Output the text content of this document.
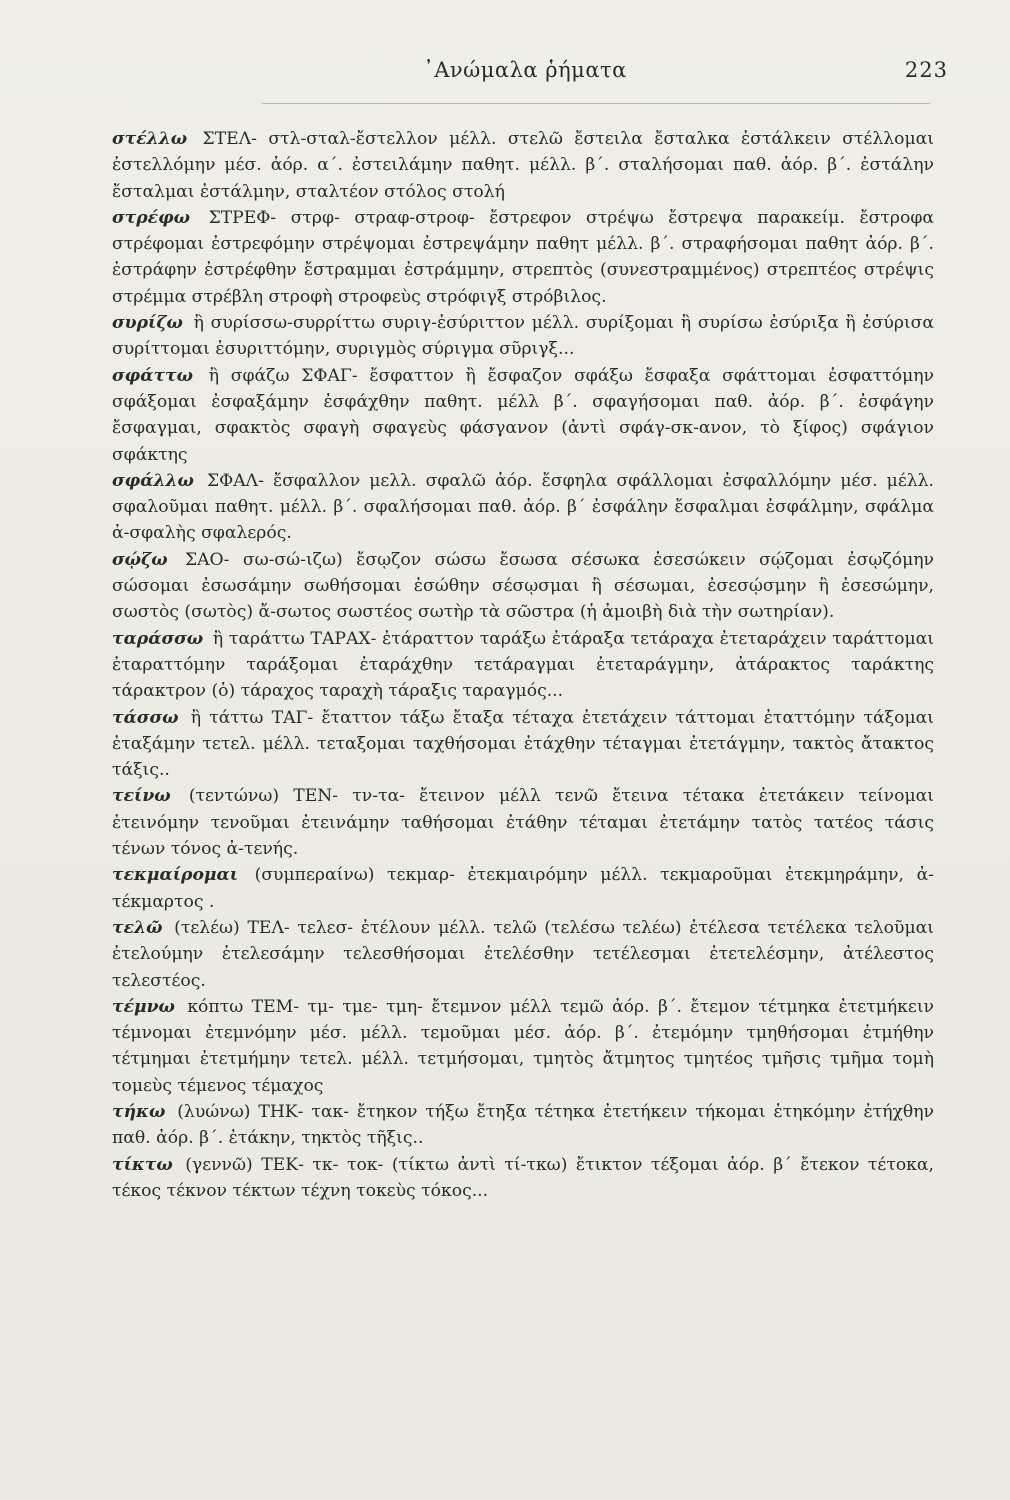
᾿Ανώμαλα ῥήματα	223

στέλλω ΣΤΕΛ- στλ-σταλ-ἔστελλον μέλλ. στελῶ ἔστειλα ἔσταλκα ἐστάλκειν στέλλομαι ἐστελλόμην μέσ. ἀόρ. α΄. ἐστειλάμην παθητ. μέλλ. β΄. σταλήσομαι παθ. ἀόρ. β΄. ἐστάλην ἔσταλμαι ἐστάλμην, σταλτέον στόλος στολή

στρέφω ΣΤΡΕΦ- στρφ- στραφ-στροφ- ἔστρεφον στρέψω ἔστρεψα παρακείμ. ἔστροφα στρέφομαι ἐστρεφόμην στρέψομαι ἐστρεψάμην παθητ μέλλ. β΄. στραφήσομαι παθητ ἀόρ. β΄. ἐστράφην ἐστρέφθην ἔστραμμαι ἐστράμμην, στρεπτὸς (συνεστραμμένος) στρεπτέος στρέψις στρέμμα στρέβλη στροφὴ στροφεὺς στρόφιγξ στρόβιλος.

συρίζω ἢ συρίσσω-συρρίττω συριγ-ἐσύριττον μέλλ. συρίξομαι ἢ συρίσω ἐσύριξα ἢ ἐσύρισα συρίττομαι ἐσυριττόμην, συριγμὸς σύριγμα σῦριγξ...

σφάττω ἢ σφάζω ΣΦΑΓ- ἔσφαττον ἢ ἔσφαζον σφάξω ἔσφαξα σφάττομαι ἐσφαττόμην σφάξομαι ἐσφαξάμην ἐσφάχθην παθητ. μέλλ β΄. σφαγήσομαι παθ. ἀόρ. β΄. ἐσφάγην ἔσφαγμαι, σφακτὸς σφαγὴ σφαγεὺς φάσγανον (ἀντὶ σφάγ-σκ-ανον, τὸ ξίφος) σφάγιον σφάκτης

σφάλλω ΣΦΑΛ- ἔσφαλλον μελλ. σφαλῶ ἀόρ. ἔσφηλα σφάλλομαι ἐσφαλλόμην μέσ. μέλλ. σφαλοῦμαι παθητ. μέλλ. β΄. σφαλήσομαι παθ. ἀόρ. β΄ ἐσφάλην ἔσφαλμαι ἐσφάλμην, σφάλμα ἀ-σφαλὴς σφαλερός.

σῴζω ΣΑΟ- σω-σώ-ιζω) ἔσῳζον σώσω ἔσωσα σέσωκα ἐσεσώκειν σῴζομαι ἐσῳζόμην σώσομαι ἐσωσάμην σωθήσομαι ἐσώθην σέσῳσμαι ἢ σέσωμαι, ἐσεσῴσμην ἢ ἐσεσώμην, σωστὸς (σωτὸς) ἄ-σωτος σωστέος σωτὴρ τὰ σῶστρα (ἡ ἀμοιβὴ διὰ τὴν σωτηρίαν).

ταράσσω ἢ ταράττω ΤΑΡΑΧ- ἐτάραττον ταράξω ἐτάραξα τετάραχα ἐτεταράχειν ταράττομαι ἐταραττόμην ταράξομαι ἐταράχθην τετάραγμαι ἐτεταράγμην, ἀτάρακτος ταράκτης τάρακτρον (ὁ) τάραχος ταραχὴ τάραξις ταραγμός...

τάσσω ἢ τάττω ΤΑΓ- ἔταττον τάξω ἔταξα τέταχα ἐτετάχειν τάττομαι ἐταττόμην τάξομαι ἐταξάμην τετελ. μέλλ. τεταξομαι ταχθήσομαι ἐτάχθην τέταγμαι ἐτετάγμην, τακτὸς ἄτακτος τάξις..

τείνω (τεντώνω) ΤΕΝ- τν-τα- ἔτεινον μέλλ τενῶ ἔτεινα τέτακα ἐτετάκειν τείνομαι ἐτεινόμην τενοῦμαι ἐτεινάμην ταθήσομαι ἐτάθην τέταμαι ἐτετάμην τατὸς τατέος τάσις τένων τόνος ἀ-τενής.

τεκμαίρομαι (συμπεραίνω) τεκμαρ- ἐτεκμαιρόμην μέλλ. τεκμαροῦμαι ἐτεκμηράμην, ἀ-τέκμαρτος .

τελῶ (τελέω) ΤΕΛ- τελεσ- ἐτέλουν μέλλ. τελῶ (τελέσω τελέω) ἐτέλεσα τετέλεκα τελοῦμαι ἐτελούμην ἐτελεσάμην τελεσθήσομαι ἐτελέσθην τετέλεσμαι ἐτετελέσμην, ἀτέλεστος τελεστέος.

τέμνω κόπτω ΤΕΜ- τμ- τμε- τμη- ἔτεμνον μέλλ τεμῶ ἀόρ. β΄. ἔτεμον τέτμηκα ἐτετμήκειν τέμνομαι ἐτεμνόμην μέσ. μέλλ. τεμοῦμαι μέσ. ἀόρ. β΄. ἐτεμόμην τμηθήσομαι ἐτμήθην τέτμημαι ἐτετμήμην τετελ. μέλλ. τετμήσομαι, τμητὸς ἄτμητος τμητέος τμῆσις τμῆμα τομὴ τομεὺς τέμενος τέμαχος

τήκω (λυώνω) ΤΗΚ- τακ- ἔτηκον τήξω ἔτηξα τέτηκα ἐτετήκειν τήκομαι ἐτηκόμην ἐτήχθην παθ. ἀόρ. β΄. ἐτάκην, τηκτὸς τῆξις..

τίκτω (γεννῶ) ΤΕΚ- τκ- τοκ- (τίκτω ἀντὶ τί-τκω) ἔτικτον τέξομαι ἀόρ. β΄ ἔτεκον τέτοκα, τέκος τέκνον τέκτων τέχνη τοκεὺς τόκος...
